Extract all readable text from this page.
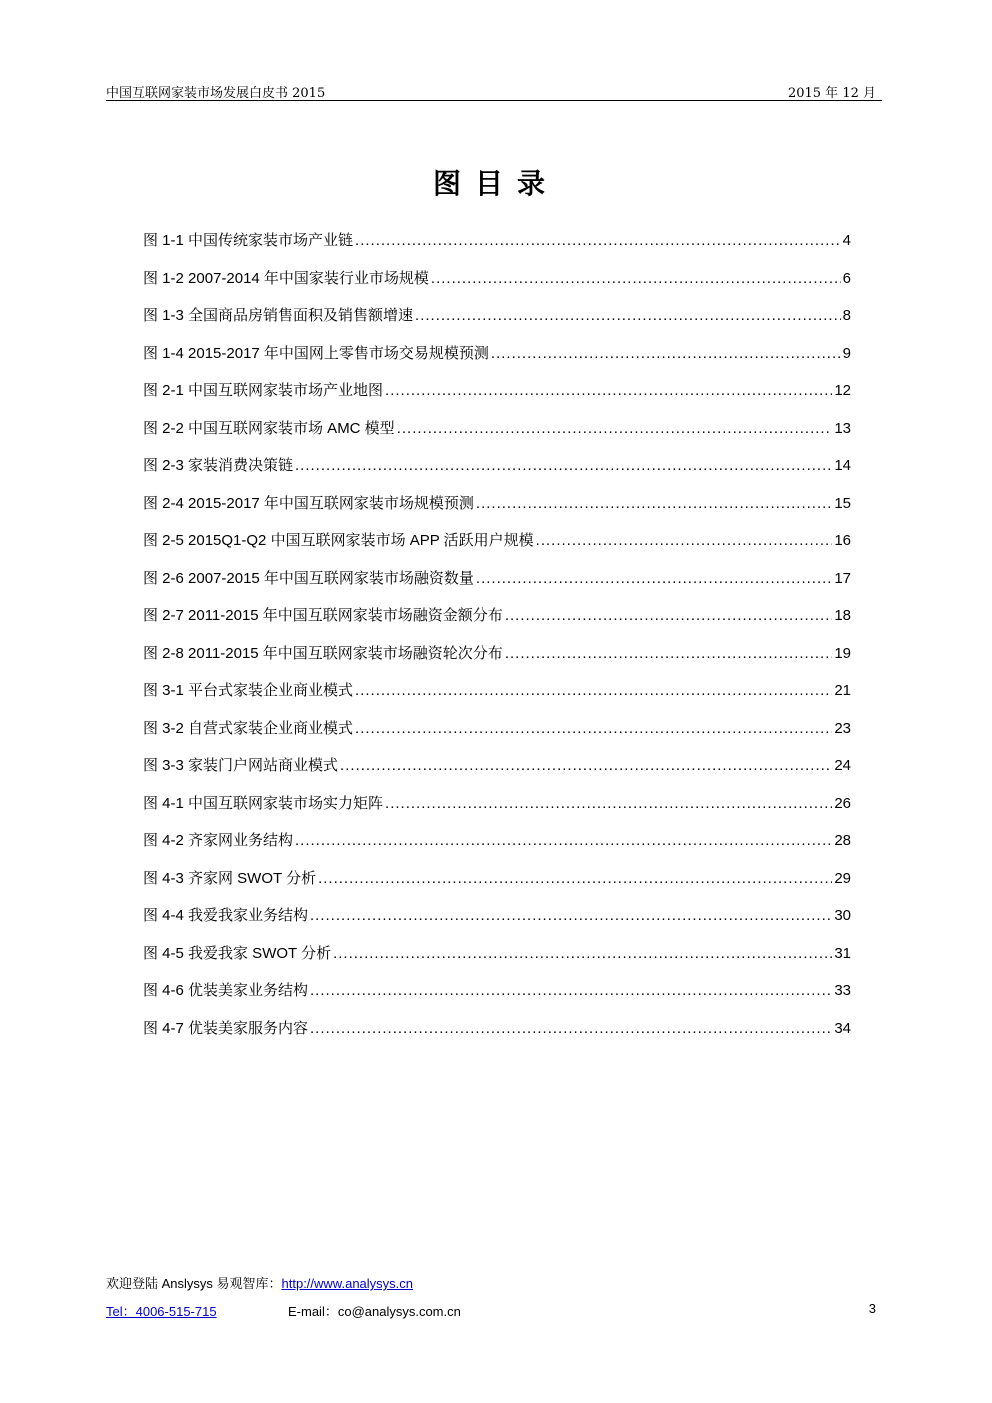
中国互联网家装市场发展白皮书 2015	2015 年 12 月
图目录
图 1-1 中国传统家装市场产业链 .....	4
图 1-2 2007-2014 年中国家装行业市场规模 .....	6
图 1-3 全国商品房销售面积及销售额增速 .....	8
图 1-4 2015-2017 年中国网上零售市场交易规模预测 .....	9
图 2-1 中国互联网家装市场产业地图 .....	12
图 2-2 中国互联网家装市场 AMC 模型 .....	13
图 2-3 家装消费决策链 .....	14
图 2-4 2015-2017 年中国互联网家装市场规模预测 .....	15
图 2-5 2015Q1-Q2 中国互联网家装市场 APP 活跃用户规模 .....	16
图 2-6 2007-2015 年中国互联网家装市场融资数量 .....	17
图 2-7 2011-2015 年中国互联网家装市场融资金额分布 .....	18
图 2-8 2011-2015 年中国互联网家装市场融资轮次分布 .....	19
图 3-1 平台式家装企业商业模式 .....	21
图 3-2 自营式家装企业商业模式 .....	23
图 3-3 家装门户网站商业模式 .....	24
图 4-1 中国互联网家装市场实力矩阵 .....	26
图 4-2 齐家网业务结构 .....	28
图 4-3 齐家网 SWOT 分析 .....	29
图 4-4 我爱我家业务结构 .....	30
图 4-5 我爱我家 SWOT 分析 .....	31
图 4-6 优装美家业务结构 .....	33
图 4-7 优装美家服务内容 .....	34
欢迎登陆 Anslysys 易观智库：http://www.analysys.cn
Tel：4006-515-715	E-mail：co@analysys.com.cn	3
